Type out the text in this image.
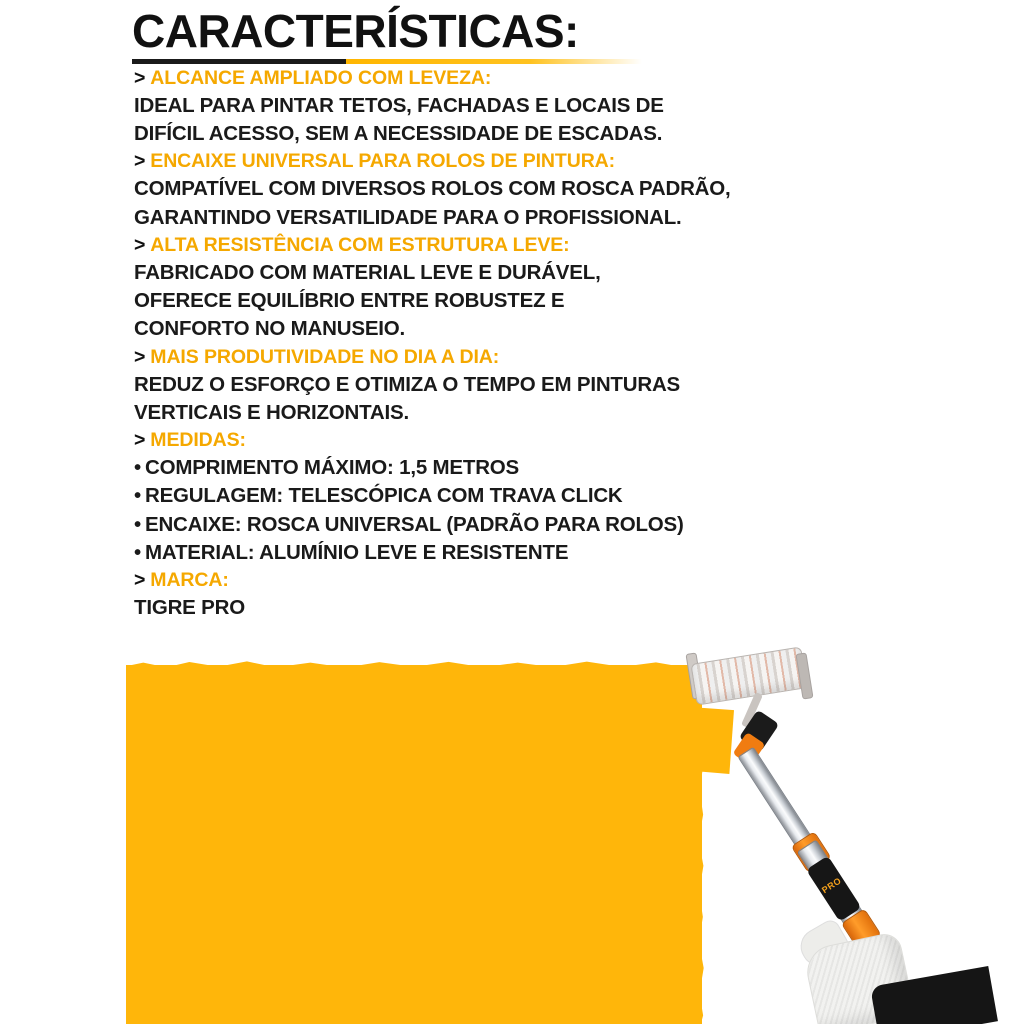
CARACTERÍSTICAS:
> ALCANCE AMPLIADO COM LEVEZA:
IDEAL PARA PINTAR TETOS, FACHADAS E LOCAIS DE
DIFÍCIL ACESSO, SEM A NECESSIDADE DE ESCADAS.
> ENCAIXE UNIVERSAL PARA ROLOS DE PINTURA:
COMPATÍVEL COM DIVERSOS ROLOS COM ROSCA PADRÃO,
GARANTINDO VERSATILIDADE PARA O PROFISSIONAL.
> ALTA RESISTÊNCIA COM ESTRUTURA LEVE:
FABRICADO COM MATERIAL LEVE E DURÁVEL,
OFERECE EQUILÍBRIO ENTRE ROBUSTEZ E
CONFORTO NO MANUSEIO.
> MAIS PRODUTIVIDADE NO DIA A DIA:
REDUZ O ESFORÇO E OTIMIZA O TEMPO EM PINTURAS
VERTICAIS E HORIZONTAIS.
> MEDIDAS:
• COMPRIMENTO MÁXIMO: 1,5 METROS
• REGULAGEM: TELESCÓPICA COM TRAVA CLICK
• ENCAIXE: ROSCA UNIVERSAL (PADRÃO PARA ROLOS)
• MATERIAL: ALUMÍNIO LEVE E RESISTENTE
> MARCA:
TIGRE PRO
PRO
